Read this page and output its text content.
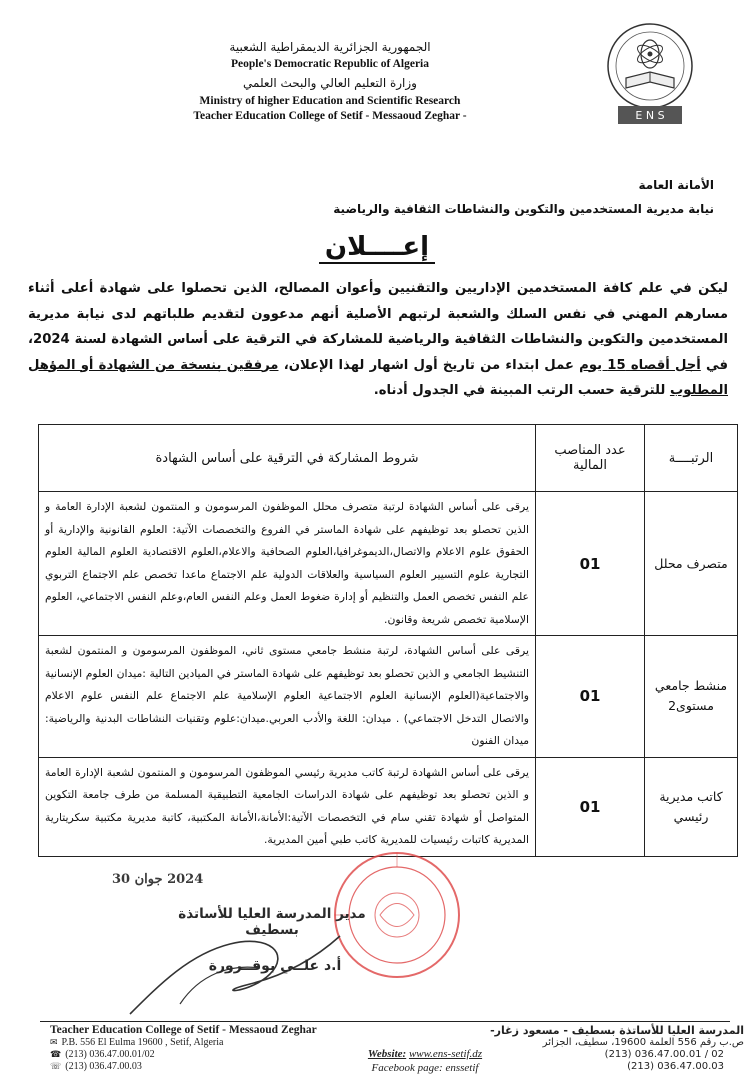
الجمهورية الجزائرية الديمقراطية الشعبية
People's Democratic Republic of Algeria
وزارة التعليم العالي والبحث العلمي
Ministry of higher Education and Scientific Research
Teacher Education College of Setif - Messaoud Zeghar -	E N S
الأمانة العامة
نيابة مديرية المستخدمين والتكوين والنشاطات الثقافية والرياضية
إعــــلان
ليكن في علم كافة المستخدمين الإداريين والتقنيين وأعوان المصالح، الذين تحصلوا على شهادة أعلى أثناء مسارهم المهني في نفس السلك والشعبة لرتبهم الأصلية أنهم مدعوون لتقديم طلباتهم لدى نيابة مديرية المستخدمين والتكوين والنشاطات الثقافية والرياضية للمشاركة في الترقية على أساس الشهادة لسنة 2024، في أجل أقصاه 15 يوم عمل ابتداء من تاريخ أول اشهار لهذا الإعلان، مرفقين بنسخة من الشهادة أو المؤهل المطلوب للترقية حسب الرتب المبينة في الجدول أدناه.
الرتبــــة	عدد المناصب المالية	شروط المشاركة في الترقية على أساس الشهادة
متصرف محلل	01	يرقى على أساس الشهادة لرتبة متصرف محلل الموظفون المرسومون و المنتمون لشعبة الإدارة العامة و الذين تحصلو بعد توظيفهم على شهادة الماستر في الفروع والتخصصات الآتية: العلوم القانونية والإدارية أو الحقوق علوم الاعلام والاتصال،الديموغرافيا،العلوم الصحافية والاعلام،العلوم الاقتصادية العلوم المالية العلوم التجارية علوم التسيير العلوم السياسية والعلاقات الدولية علم الاجتماع ماعدا تخصص علم الاجتماع التربوي علم النفس تخصص العمل والتنظيم أو إدارة ضغوط العمل وعلم النفس العام،وعلم النفس الاجتماعي، العلوم الإسلامية تخصص شريعة وقانون.
منشط جامعي مستوى2	01	يرقى على أساس الشهادة، لرتبة منشط جامعي مستوى ثاني، الموظفون المرسومون و المنتمون لشعبة التنشيط الجامعي و الذين تحصلو بعد توظيفهم على شهادة الماستر في الميادين التالية :ميدان العلوم الإنسانية والاجتماعية(العلوم الإنسانية العلوم الاجتماعية العلوم الإسلامية علم الاجتماع علم النفس علوم الاعلام والاتصال التدخل الاجتماعي) . ميدان: اللغة والأدب العربي.ميدان:علوم وتقنيات النشاطات البدنية والرياضية: ميدان الفنون
كاتب مديرية رئيسي	01	يرقى على أساس الشهادة لرتبة كاتب مديرية رئيسي الموظفون المرسومون و المنتمون لشعبة الإدارة العامة و الذين تحصلو بعد توظيفهم على شهادة الدراسات الجامعية التطبيقية المسلمة من طرف جامعة التكوين المتواصل أو شهادة تقني سام في التخصصات الآتية:الأمانة،الأمانة المكتبية، كاتبة مديرية مكتبية سكريتارية المديرية كاتبات رئيسيات للمديرية كاتب طبي أمين المديرية.
2024 جوان 30
مدير المدرسة العليا للأساتذة بسطيف
أ.د علــي بوقــرورة
Teacher Education College of Setif - Messaoud Zeghar
✉ P.B. 556 El Eulma 19600 , Setif, Algeria
☎ (213) 036.47.00.01/02
☏ (213) 036.47.00.03
Website: www.ens-setif.dz
Facebook page: enssetif
المدرسة العليا للأساتذة بسطيف - مسعود زغار-
ص.ب رقم 556 العلمة 19600، سطيف، الجزائر
(213) 036.47.00.01 / 02
(213) 036.47.00.03
